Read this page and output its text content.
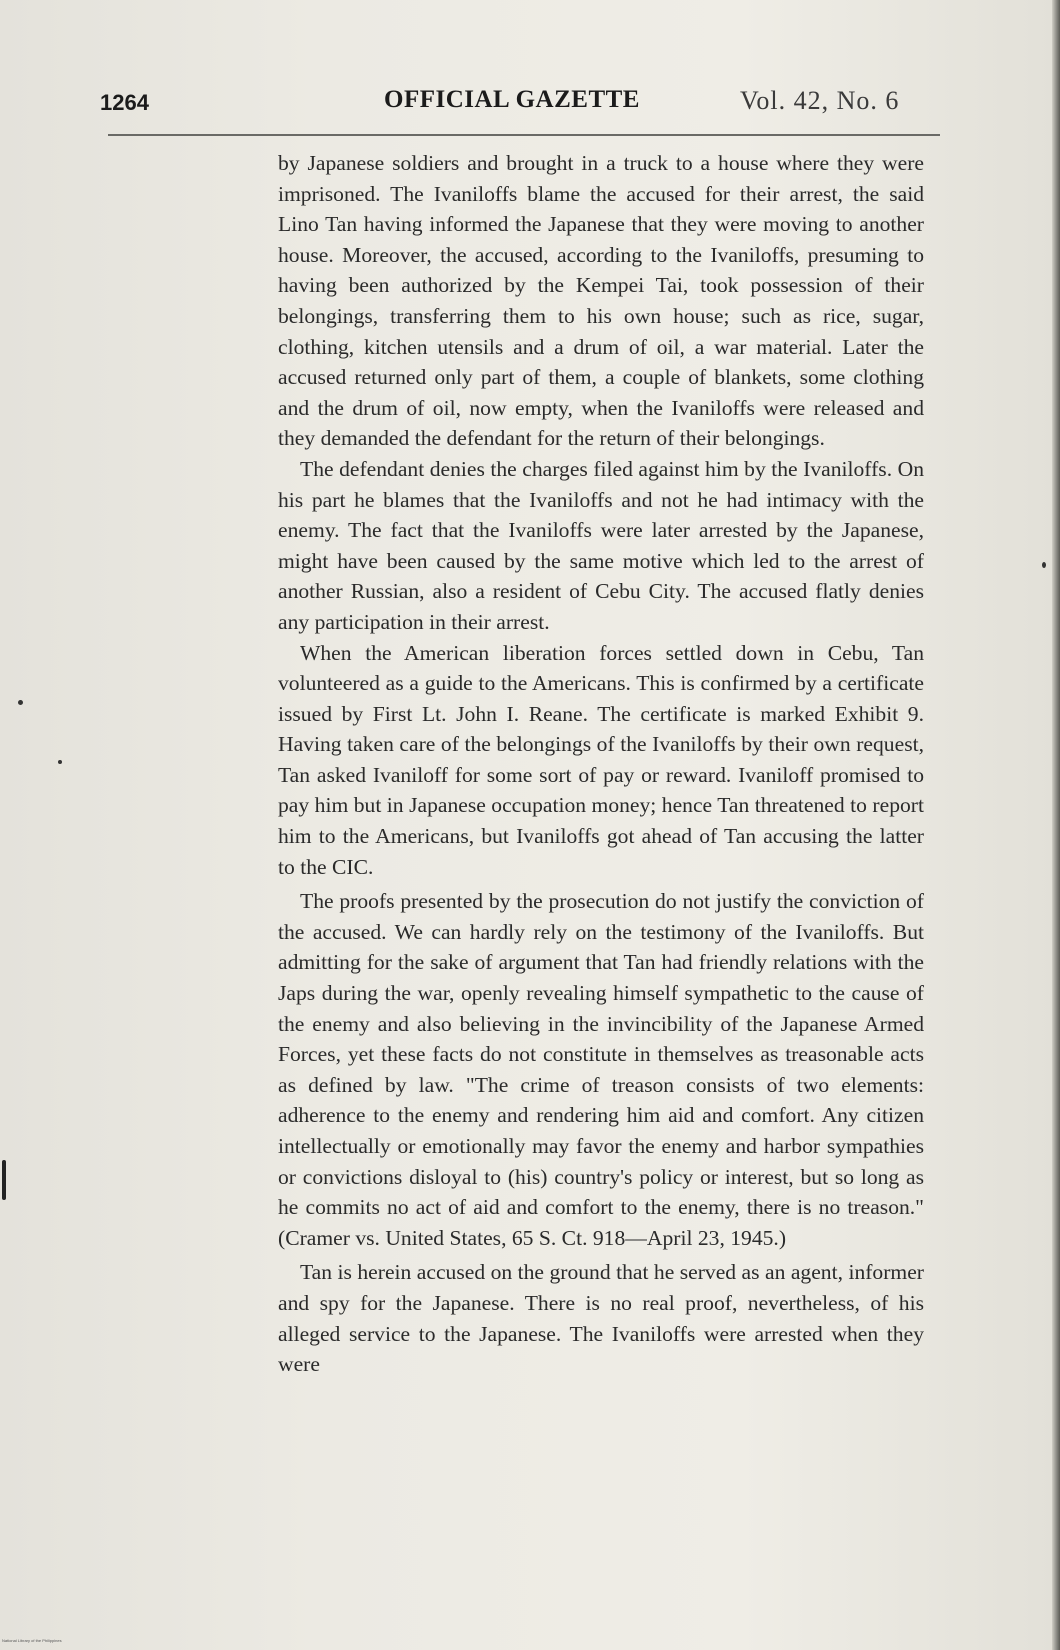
1264	OFFICIAL GAZETTE	Vol. 42, No. 6

by Japanese soldiers and brought in a truck to a house where they were imprisoned. The Ivaniloffs blame the accused for their arrest, the said Lino Tan having informed the Japanese that they were moving to another house. Moreover, the accused, according to the Ivaniloffs, presuming to having been authorized by the Kempei Tai, took possession of their belongings, transferring them to his own house; such as rice, sugar, clothing, kitchen utensils and a drum of oil, a war material. Later the accused returned only part of them, a couple of blankets, some clothing and the drum of oil, now empty, when the Ivaniloffs were released and they demanded the defendant for the return of their belongings.

The defendant denies the charges filed against him by the Ivaniloffs. On his part he blames that the Ivaniloffs and not he had intimacy with the enemy. The fact that the Ivaniloffs were later arrested by the Japanese, might have been caused by the same motive which led to the arrest of another Russian, also a resident of Cebu City. The accused flatly denies any participation in their arrest.

When the American liberation forces settled down in Cebu, Tan volunteered as a guide to the Americans. This is confirmed by a certificate issued by First Lt. John I. Reane. The certificate is marked Exhibit 9. Having taken care of the belongings of the Ivaniloffs by their own request, Tan asked Ivaniloff for some sort of pay or reward. Ivaniloff promised to pay him but in Japanese occupation money; hence Tan threatened to report him to the Americans, but Ivaniloffs got ahead of Tan accusing the latter to the CIC.

The proofs presented by the prosecution do not justify the conviction of the accused. We can hardly rely on the testimony of the Ivaniloffs. But admitting for the sake of argument that Tan had friendly relations with the Japs during the war, openly revealing himself sympathetic to the cause of the enemy and also believing in the invincibility of the Japanese Armed Forces, yet these facts do not constitute in themselves as treasonable acts as defined by law. "The crime of treason consists of two elements: adherence to the enemy and rendering him aid and comfort. Any citizen intellectually or emotionally may favor the enemy and harbor sympathies or convictions disloyal to (his) country's policy or interest, but so long as he commits no act of aid and comfort to the enemy, there is no treason." (Cramer vs. United States, 65 S. Ct. 918—April 23, 1945.)

Tan is herein accused on the ground that he served as an agent, informer and spy for the Japanese. There is no real proof, nevertheless, of his alleged service to the Japanese. The Ivaniloffs were arrested when they were

National Library of the Philippines
